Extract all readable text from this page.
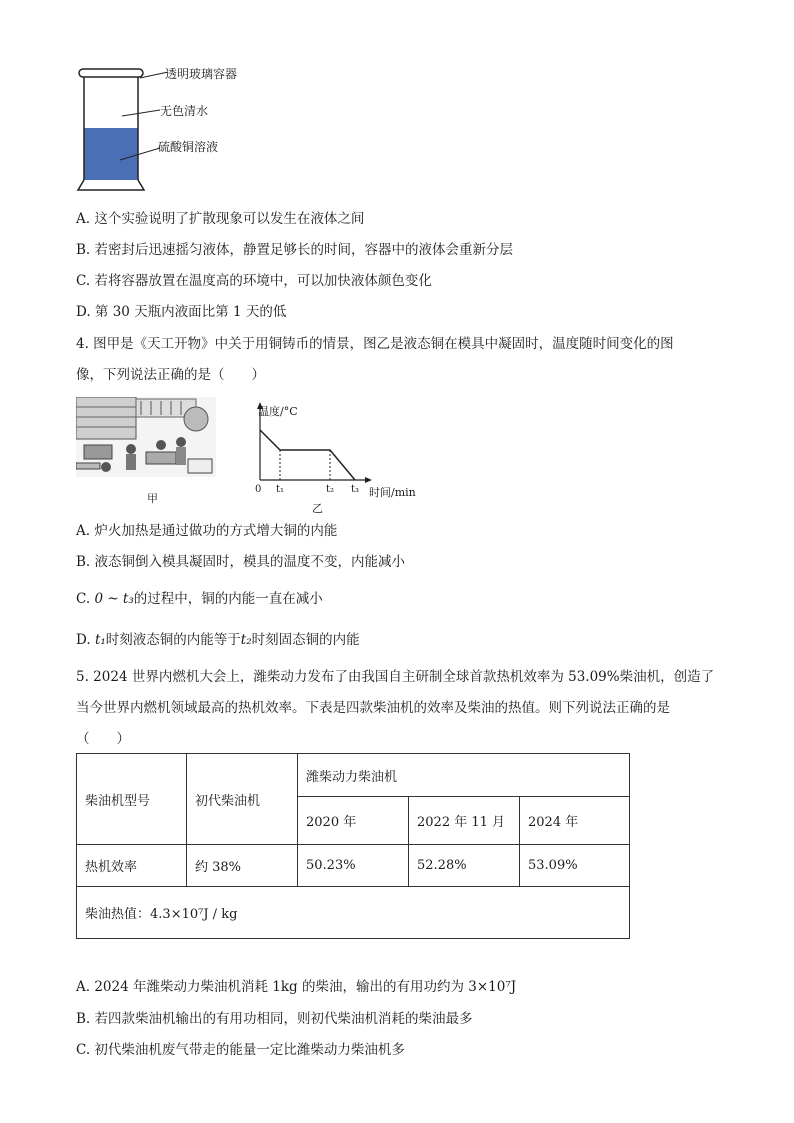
透明玻璃容器
无色清水
硫酸铜溶液
A. 这个实验说明了扩散现象可以发生在液体之间
B. 若密封后迅速摇匀液体，静置足够长的时间，容器中的液体会重新分层
C. 若将容器放置在温度高的环境中，可以加快液体颜色变化
D. 第 30 天瓶内液面比第 1 天的低
4. 图甲是《天工开物》中关于用铜铸币的情景，图乙是液态铜在模具中凝固时，温度随时间变化的图
像，下列说法正确的是（　　）
甲
温度/°C
0 t₁	t₂ t₃ 时间/min
乙
A. 炉火加热是通过做功的方式增大铜的内能
B. 液态铜倒入模具凝固时，模具的温度不变，内能减小
C. 0 ~ t₃的过程中，铜的内能一直在减小
D. t₁时刻液态铜的内能等于t₂时刻固态铜的内能
5. 2024 世界内燃机大会上，潍柴动力发布了由我国自主研制全球首款热机效率为 53.09%柴油机，创造了
当今世界内燃机领域最高的热机效率。下表是四款柴油机的效率及柴油的热值。则下列说法正确的是
（　　）
柴油机型号	初代柴油机	潍柴动力柴油机		
		2020 年	2022 年 11 月	2024 年
热机效率	约 38%	50.23%	52.28%	53.09%
柴油热值：4.3×10⁷J / kg				
A. 2024 年潍柴动力柴油机消耗 1kg 的柴油，输出的有用功约为 3×10⁷J
B. 若四款柴油机输出的有用功相同，则初代柴油机消耗的柴油最多
C. 初代柴油机废气带走的能量一定比潍柴动力柴油机多
